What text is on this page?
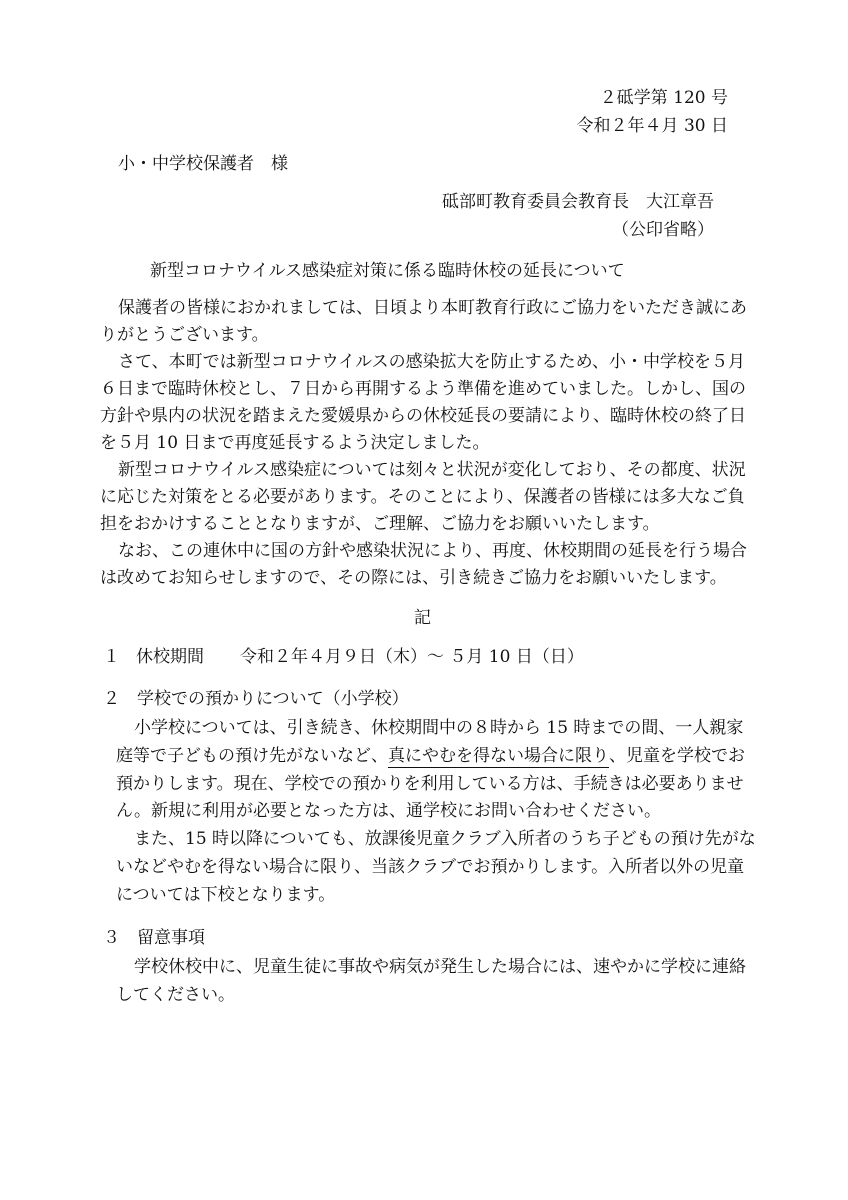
２砥学第 120 号
令和２年４月 30 日
小・中学校保護者　様
砥部町教育委員会教育長　大江章吾
（公印省略）
新型コロナウイルス感染症対策に係る臨時休校の延長について
保護者の皆様におかれましては、日頃より本町教育行政にご協力をいただき誠にあ
りがとうございます。
さて、本町では新型コロナウイルスの感染拡大を防止するため、小・中学校を５月
６日まで臨時休校とし、７日から再開するよう準備を進めていました。しかし、国の
方針や県内の状況を踏まえた愛媛県からの休校延長の要請により、臨時休校の終了日
を５月 10 日まで再度延長するよう決定しました。
新型コロナウイルス感染症については刻々と状況が変化しており、その都度、状況
に応じた対策をとる必要があります。そのことにより、保護者の皆様には多大なご負
担をおかけすることとなりますが、ご理解、ご協力をお願いいたします。
なお、この連休中に国の方針や感染状況により、再度、休校期間の延長を行う場合
は改めてお知らせしますので、その際には、引き続きご協力をお願いいたします。
記
１ 休校期間 令和２年４月９日（木）～ ５月 10 日（日）
２　学校での預かりについて（小学校）
小学校については、引き続き、休校期間中の８時から 15 時までの間、一人親家
庭等で子どもの預け先がないなど、真にやむを得ない場合に限り、児童を学校でお
預かりします。現在、学校での預かりを利用している方は、手続きは必要ありませ
ん。新規に利用が必要となった方は、通学校にお問い合わせください。
また、15 時以降についても、放課後児童クラブ入所者のうち子どもの預け先がな
いなどやむを得ない場合に限り、当該クラブでお預かりします。入所者以外の児童
については下校となります。
３　留意事項
学校休校中に、児童生徒に事故や病気が発生した場合には、速やかに学校に連絡
してください。
